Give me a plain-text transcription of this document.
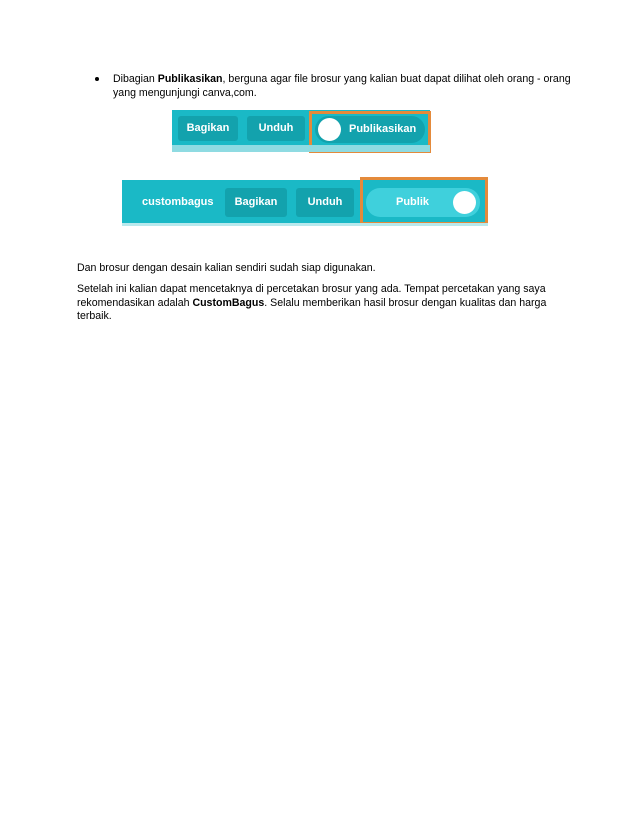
Dibagian Publikasikan, berguna agar file brosur yang kalian buat dapat dilihat oleh orang - orang yang mengunjungi canva,com.
Bagikan	Unduh	Publikasikan
custombagus	Bagikan	Unduh	Publik
Dan brosur dengan desain kalian sendiri sudah siap digunakan.
Setelah ini kalian dapat mencetaknya di percetakan brosur yang ada. Tempat percetakan yang saya rekomendasikan adalah CustomBagus. Selalu memberikan hasil brosur dengan kualitas dan harga terbaik.
